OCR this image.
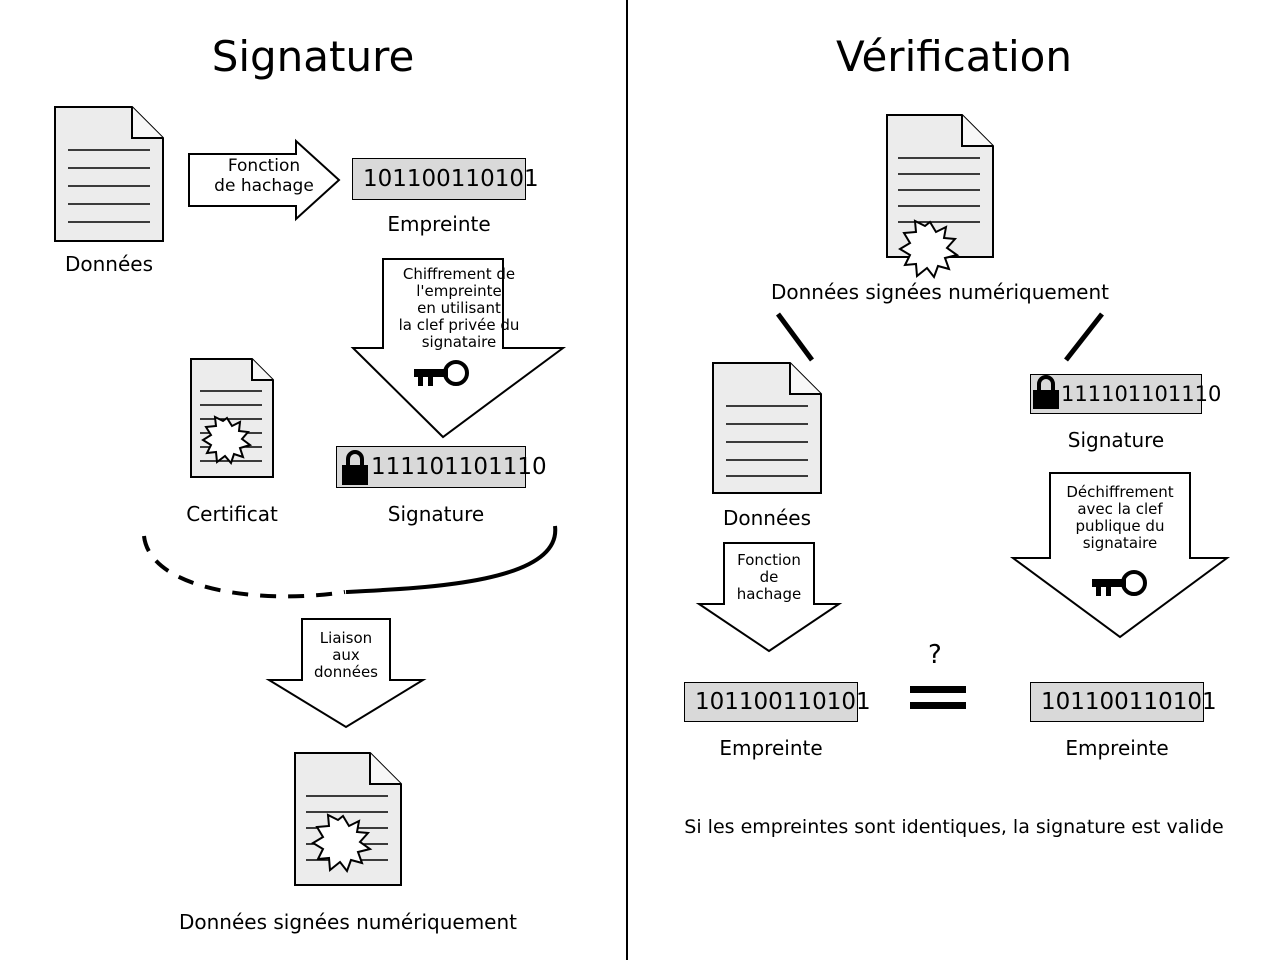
Signature	Vérification
Données
Fonction
de hachage	101100110101
Empreinte
Chiffrement de
l'empreinte
en utilisant
la clef privée du
signataire
111101101110
Signature
Certificat
Liaison
aux
données
Données signées numériquement
Données signées numériquement
Données
Fonction
de
hachage
101100110101
Empreinte
111101101110
Signature
Déchiffrement
avec la clef
publique du
signataire
101100110101
Empreinte
?
Si les empreintes sont identiques, la signature est valide
